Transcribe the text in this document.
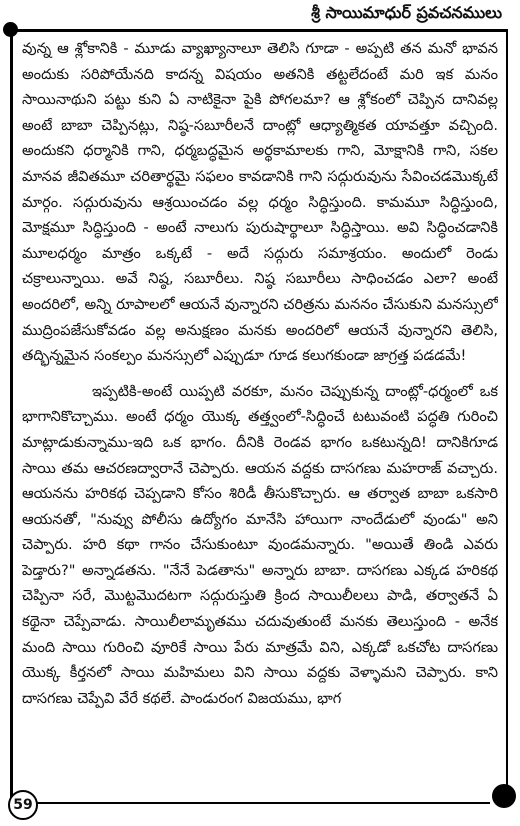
శ్రీ సాయిమాధుర్ ప్రవచనములు

వున్న ఆ శ్లోకానికి - మూడు వ్యాఖ్యానాలూ తెలిసి గూడా - అప్పటి తన మనో భావన అందుకు సరిపోయేనది కాదన్న విషయం అతనికి తట్టలేదంటే మరి ఇక మనం సాయినాథుని పట్టు కుని ఏ నాటికైనా పైకి పోగలమా? ఆ శ్లోకంలో చెప్పిన దానివల్ల అంటే బాబా చెప్పినట్లు, నిష్ఠ-సబూరీలనే దాంట్లో ఆధ్యాత్మికత యావత్తూ వచ్చింది. అందుకని ధర్మానికి గాని, ధర్మబద్ధమైన అర్థకామాలకు గాని, మోక్షానికి గాని, సకల మానవ జీవితమూ చరితార్థమై సఫలం కావడానికి గాని సద్గురువును సేవించడమొక్కటే మార్గం. సద్గురువును ఆశ్రయించడం వల్ల ధర్మం సిద్ధిస్తుంది. కామమూ సిద్ధిస్తుంది, మోక్షమూ సిద్ధిస్తుంది - అంటే నాలుగు పురుషార్థాలూ సిద్ధిస్తాయి. అవి సిద్ధించడానికి మూలధర్మం మాత్రం ఒక్కటే - అదే సద్గురు సమాశ్రయం. అందులో రెండు చక్రాలున్నాయి. అవే నిష్ఠ, సబూరీలు. నిష్ఠ సబూరీలు సాధించడం ఎలా? అంటే అందరిలో, అన్ని రూపాలలో ఆయనే వున్నారని చరిత్రను మననం చేసుకుని మనస్సులో ముద్రింపజేసుకోవడం వల్ల అనుక్షణం మనకు అందరిలో ఆయనే వున్నారని తెలిసి, తద్భిన్నమైన సంకల్పం మనస్సులో ఎప్పుడూ గూడ కలుగకుండా జాగ్రత్త పడడమే!

ఇప్పటికి-అంటే యిప్పటి వరకూ, మనం చెప్పుకున్న దాంట్లో-ధర్మంలో ఒక భాగానికొచ్చాము. అంటే ధర్మం యొక్క తత్త్వంలో-సిద్ధించే టటువంటి పద్ధతి గురించి మాట్లాడుకున్నాము-ఇది ఒక భాగం. దీనికి రెండవ భాగం ఒకటున్నది! దానికిగూడ సాయి తమ ఆచరణద్వారానే చెప్పారు. ఆయన వద్దకు దాసగణు మహరాజ్ వచ్చారు. ఆయనను హరికథ చెప్పడాని కోసం శిరిడీ తీసుకొచ్చారు. ఆ తర్వాత బాబా ఒకసారి ఆయనతో, "నువ్వు పోలీసు ఉద్యోగం మానేసి హాయిగా నాందేడులో వుండు" అని చెప్పారు. హరి కథా గానం చేసుకుంటూ వుండమన్నారు. "అయితే తిండి ఎవరు పెడ్తారు?" అన్నాడతను. "నేనే పెడతాను" అన్నారు బాబా. దాసగణు ఎక్కడ హరికథ చెప్పినా సరే, మొట్టమొదటగా సద్గురుస్తుతి క్రింద సాయిలీలలు పాడి, తర్వాతనే ఏ కథైనా చెప్పేవాడు. సాయిలీలామృతము చదువుతుంటే మనకు తెలుస్తుంది - అనేక మంది సాయి గురించి వూరికే సాయి పేరు మాత్రమే విని, ఎక్కడో ఒకచోట దాసగణు యొక్క కీర్తనలో సాయి మహిమలు విని సాయి వద్దకు వెళ్ళామని చెప్పారు. కాని దాసగణు చెప్పేవి వేరే కథలే. పాండురంగ విజయము, భాగ

59
